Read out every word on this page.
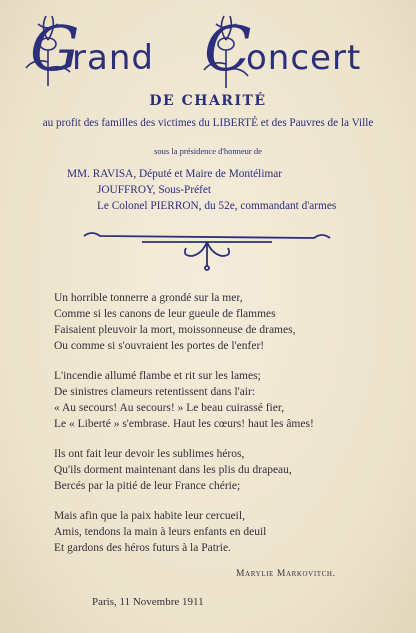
G
rand C
oncert
DE CHARITÉ
au profit des familles des victimes du LIBERTÉ et des Pauvres de la Ville
sous la présidence d'honneur de
MM. RAVISA, Député et Maire de Montélimar
JOUFFROY, Sous-Préfet
Le Colonel PIERRON, du 52e, commandant d'armes
Un horrible tonnerre a grondé sur la mer,
Comme si les canons de leur gueule de flammes
Faisaient pleuvoir la mort, moissonneuse de drames,
Ou comme si s'ouvraient les portes de l'enfer!
L'incendie allumé flambe et rit sur les lames;
De sinistres clameurs retentissent dans l'air:
« Au secours! Au secours! » Le beau cuirassé fier,
Le « Liberté » s'embrase. Haut les cœurs! haut les âmes!
Ils ont fait leur devoir les sublimes héros,
Qu'ils dorment maintenant dans les plis du drapeau,
Bercés par la pitié de leur France chérie;
Mais afin que la paix habite leur cercueil,
Amis, tendons la main à leurs enfants en deuil
Et gardons des héros futurs à la Patrie.
Marylie Markovitch.
Paris, 11 Novembre 1911
